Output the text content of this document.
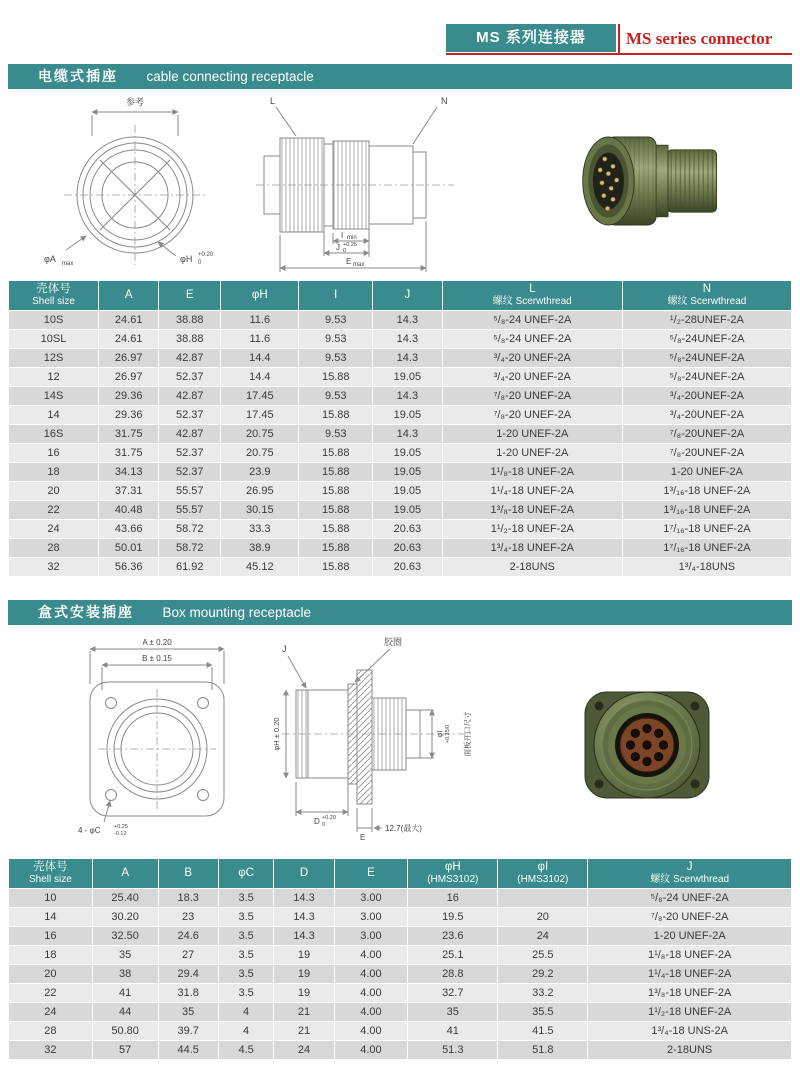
MS 系列连接器	MS series connector
电缆式插座 cable connecting receptacle
参考
φA max	φH +0.20
0
L	N
I min
J +0.25
0
E max
壳体号
Shell size

A	E	φH	I	J	L
螺纹 Scerwthread

N
螺纹 Scerwthread

10S	24.61	38.88	11.6	9.53	14.3	⁵/₈-24 UNEF-2A	¹/₂-28UNEF-2A
10SL	24.61	38.88	11.6	9.53	14.3	⁵/₈-24 UNEF-2A	⁵/₈-24UNEF-2A
12S	26.97	42.87	14.4	9.53	14.3	³/₄-20 UNEF-2A	⁵/₈-24UNEF-2A
12	26.97	52.37	14.4	15.88	19.05	³/₄-20 UNEF-2A	⁵/₈-24UNEF-2A
14S	29.36	42.87	17.45	9.53	14.3	⁷/₈-20 UNEF-2A	³/₄-20UNEF-2A
14	29.36	52.37	17.45	15.88	19.05	⁷/₈-20 UNEF-2A	³/₄-20UNEF-2A
16S	31.75	42.87	20.75	9.53	14.3	1-20 UNEF-2A	⁷/₈-20UNEF-2A
16	31.75	52.37	20.75	15.88	19.05	1-20 UNEF-2A	⁷/₈-20UNEF-2A
18	34.13	52.37	23.9	15.88	19.05	1¹/₈-18 UNEF-2A	1-20 UNEF-2A
20	37.31	55.57	26.95	15.88	19.05	1¹/₄-18 UNEF-2A	1³/₁₆-18 UNEF-2A
22	40.48	55.57	30.15	15.88	19.05	1³/₈-18 UNEF-2A	1³/₁₆-18 UNEF-2A
24	43.66	58.72	33.3	15.88	20.63	1¹/₂-18 UNEF-2A	1⁷/₁₆-18 UNEF-2A
28	50.01	58.72	38.9	15.88	20.63	1³/₄-18 UNEF-2A	1⁷/₁₆-18 UNEF-2A
32	56.36	61.92	45.12	15.88	20.63	2-18UNS	1³/₄-18UNS
盒式安装插座 Box mounting receptacle
A ± 0.20
B ± 0.15
4 - φC +0.25
-0.12
J
胶圈
φH ± 0.20	φI +0.35/0
D +0.20
0
E
12.7(最大)
面板开口尺寸
壳体号
Shell size

A	B	φC	D	E	φH
(HMS3102)

φI
(HMS3102)

J
螺纹 Scerwthread

10	25.40	18.3	3.5	14.3	3.00	16		⁵/₈-24 UNEF-2A
14	30.20	23	3.5	14.3	3.00	19.5	20	⁷/₈-20 UNEF-2A
16	32.50	24.6	3.5	14.3	3.00	23.6	24	1-20 UNEF-2A
18	35	27	3.5	19	4.00	25.1	25.5	1¹/₈-18 UNEF-2A
20	38	29.4	3.5	19	4.00	28.8	29.2	1¹/₄-18 UNEF-2A
22	41	31.8	3.5	19	4.00	32.7	33.2	1³/₈-18 UNEF-2A
24	44	35	4	21	4.00	35	35.5	1¹/₂-18 UNEF-2A
28	50.80	39.7	4	21	4.00	41	41.5	1³/₄-18 UNS-2A
32	57	44.5	4.5	24	4.00	51.3	51.8	2-18UNS
